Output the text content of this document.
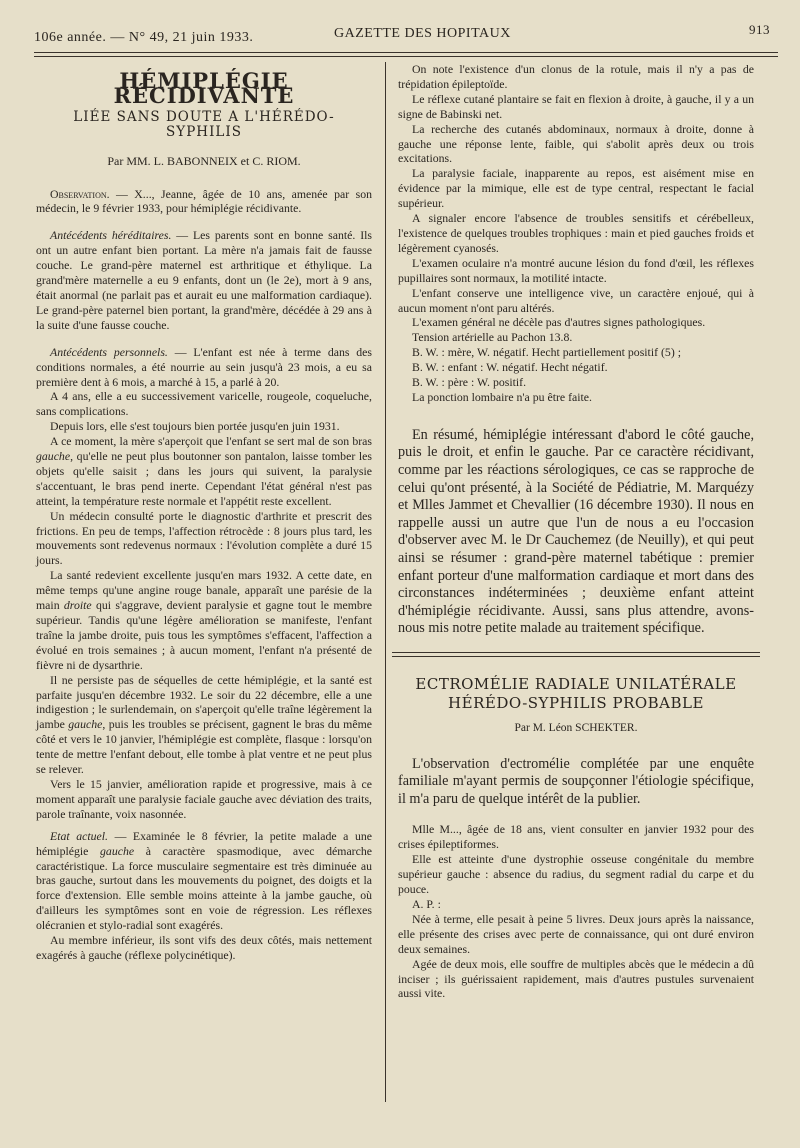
106e année. — N° 49, 21 juin 1933.	GAZETTE DES HOPITAUX	913
HÉMIPLÉGIE RÉCIDIVANTE
LIÉE SANS DOUTE A L'HÉRÉDO-SYPHILIS
Par MM. L. BABONNEIX et C. RIOM.

Observation. — X..., Jeanne, âgée de 10 ans, amenée par son médecin, le 9 février 1933, pour hémiplégie récidivante.

Antécédents héréditaires. — Les parents sont en bonne santé. Ils ont un autre enfant bien portant. La mère n'a jamais fait de fausse couche. Le grand-père maternel est arthritique et éthylique. La grand'mère maternelle a eu 9 enfants, dont un (le 2e), mort à 9 ans, était anormal (ne parlait pas et aurait eu une malformation cardiaque). Le grand-père paternel bien portant, la grand'mère, décédée à 29 ans à la suite d'une fausse couche.

Antécédents personnels. — L'enfant est née à terme dans des conditions normales, a été nourrie au sein jusqu'à 23 mois, a eu sa première dent à 6 mois, a marché à 15, a parlé à 20.

A 4 ans, elle a eu successivement varicelle, rougeole, coqueluche, sans complications.

Depuis lors, elle s'est toujours bien portée jusqu'en juin 1931.

A ce moment, la mère s'aperçoit que l'enfant se sert mal de son bras gauche, qu'elle ne peut plus boutonner son pantalon, laisse tomber les objets qu'elle saisit ; dans les jours qui suivent, la paralysie s'accentuant, le bras pend inerte. Cependant l'état général n'est pas atteint, la température reste normale et l'appétit reste excellent.

Un médecin consulté porte le diagnostic d'arthrite et prescrit des frictions. En peu de temps, l'affection rétrocède : 8 jours plus tard, les mouvements sont redevenus normaux : l'évolution complète a duré 15 jours.

La santé redevient excellente jusqu'en mars 1932. A cette date, en même temps qu'une angine rouge banale, apparaît une parésie de la main droite qui s'aggrave, devient paralysie et gagne tout le membre supérieur. Tandis qu'une légère amélioration se manifeste, l'enfant traîne la jambe droite, puis tous les symptômes s'effacent, l'affection a évolué en trois semaines ; à aucun moment, l'enfant n'a présenté de fièvre ni de dysarthrie.

Il ne persiste pas de séquelles de cette hémiplégie, et la santé est parfaite jusqu'en décembre 1932. Le soir du 22 décembre, elle a une indigestion ; le surlendemain, on s'aperçoit qu'elle traîne légèrement la jambe gauche, puis les troubles se précisent, gagnent le bras du même côté et vers le 10 janvier, l'hémiplégie est complète, flasque : lorsqu'on tente de mettre l'enfant debout, elle tombe à plat ventre et ne peut plus se relever.

Vers le 15 janvier, amélioration rapide et progressive, mais à ce moment apparaît une paralysie faciale gauche avec déviation des traits, parole traînante, voix nasonnée.

Etat actuel. — Examinée le 8 février, la petite malade a une hémiplégie gauche à caractère spasmodique, avec démarche caractéristique. La force musculaire segmentaire est très diminuée au bras gauche, surtout dans les mouvements du poignet, des doigts et la force d'extension. Elle semble moins atteinte à la jambe gauche, où d'ailleurs les symptômes sont en voie de régression. Les réflexes olécranien et stylo-radial sont exagérés.

Au membre inférieur, ils sont vifs des deux côtés, mais nettement exagérés à gauche (réflexe polycinétique).

On note l'existence d'un clonus de la rotule, mais il n'y a pas de trépidation épileptoïde.

Le réflexe cutané plantaire se fait en flexion à droite, à gauche, il y a un signe de Babinski net.

La recherche des cutanés abdominaux, normaux à droite, donne à gauche une réponse lente, faible, qui s'abolit après deux ou trois excitations.

La paralysie faciale, inapparente au repos, est aisément mise en évidence par la mimique, elle est de type central, respectant le facial supérieur.

A signaler encore l'absence de troubles sensitifs et cérébelleux, l'existence de quelques troubles trophiques : main et pied gauches froids et légèrement cyanosés.

L'examen oculaire n'a montré aucune lésion du fond d'œil, les réflexes pupillaires sont normaux, la motilité intacte.

L'enfant conserve une intelligence vive, un caractère enjoué, qui à aucun moment n'ont paru altérés.

L'examen général ne décèle pas d'autres signes pathologiques.

Tension artérielle au Pachon 13.8.

B. W. : mère, W. négatif. Hecht partiellement positif (5) ;

B. W. : enfant : W. négatif. Hecht négatif.

B. W. : père : W. positif.

La ponction lombaire n'a pu être faite.

En résumé, hémiplégie intéressant d'abord le côté gauche, puis le droit, et enfin le gauche. Par ce caractère récidivant, comme par les réactions sérologiques, ce cas se rapproche de celui qu'ont présenté, à la Société de Pédiatrie, M. Marquézy et Mlles Jammet et Chevallier (16 décembre 1930). Il nous en rappelle aussi un autre que l'un de nous a eu l'occasion d'observer avec M. le Dr Cauchemez (de Neuilly), et qui peut ainsi se résumer : grand-père maternel tabétique : premier enfant porteur d'une malformation cardiaque et mort dans des circonstances indéterminées ; deuxième enfant atteint d'hémiplégie récidivante. Aussi, sans plus attendre, avons-nous mis notre petite malade au traitement spécifique.

ECTROMÉLIE RADIALE UNILATÉRALE
HÉRÉDO-SYPHILIS PROBABLE
Par M. Léon SCHEKTER.

L'observation d'ectromélie complétée par une enquête familiale m'ayant permis de soupçonner l'étiologie spécifique, il m'a paru de quelque intérêt de la publier.

Mlle M..., âgée de 18 ans, vient consulter en janvier 1932 pour des crises épileptiformes.

Elle est atteinte d'une dystrophie osseuse congénitale du membre supérieur gauche : absence du radius, du segment radial du carpe et du pouce.

A. P. :

Née à terme, elle pesait à peine 5 livres. Deux jours après la naissance, elle présente des crises avec perte de connaissance, qui ont duré environ deux semaines.

Agée de deux mois, elle souffre de multiples abcès que le médecin a dû inciser ; ils guérissaient rapidement, mais d'autres pustules survenaient aussi vite.
